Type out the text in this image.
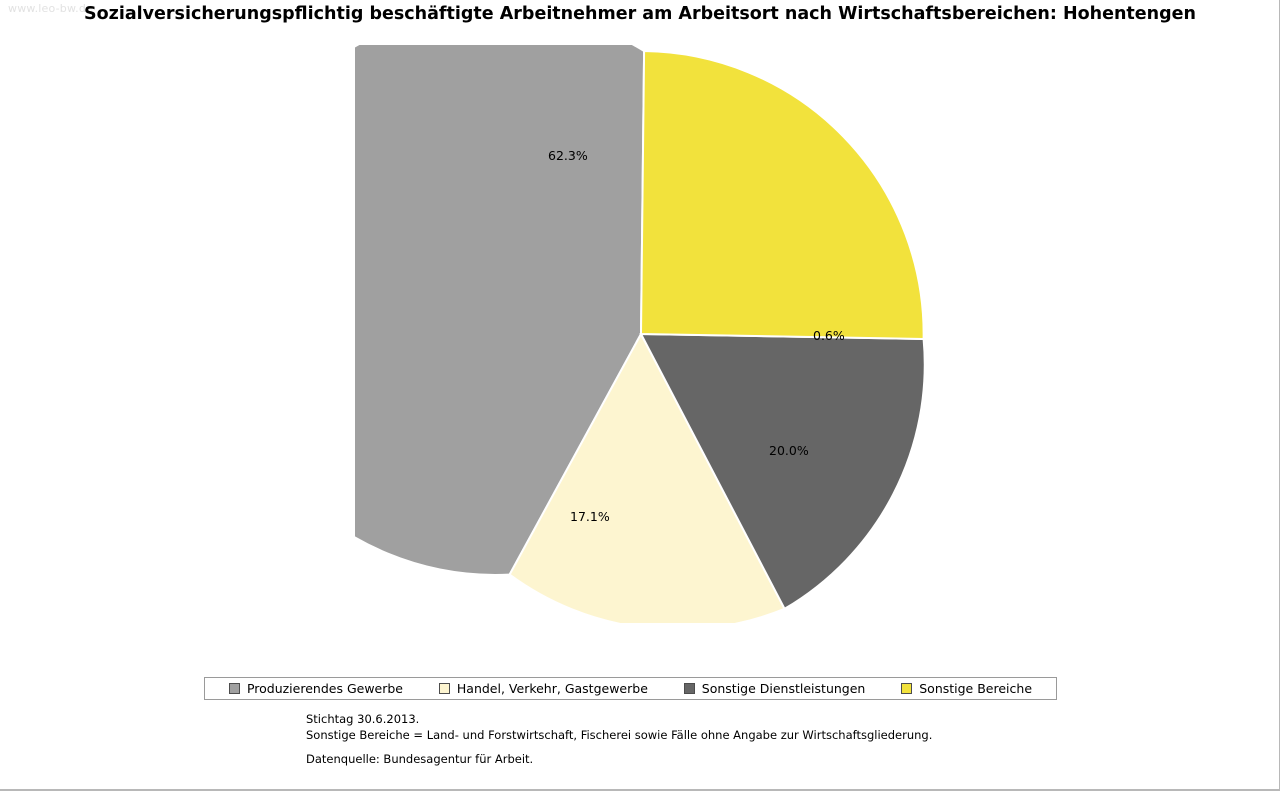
www.leo-bw.de
Sozialversicherungspflichtig beschäftigte Arbeitnehmer am Arbeitsort nach Wirtschaftsbereichen: Hohentengen
62.3%
17.1%
20.0%
0.6%
Produzierendes Gewerbe	Handel, Verkehr, Gastgewerbe	Sonstige Dienstleistungen	Sonstige Bereiche
Stichtag 30.6.2013.
Sonstige Bereiche = Land- und Forstwirtschaft, Fischerei sowie Fälle ohne Angabe zur Wirtschaftsgliederung.
Datenquelle: Bundesagentur für Arbeit.
